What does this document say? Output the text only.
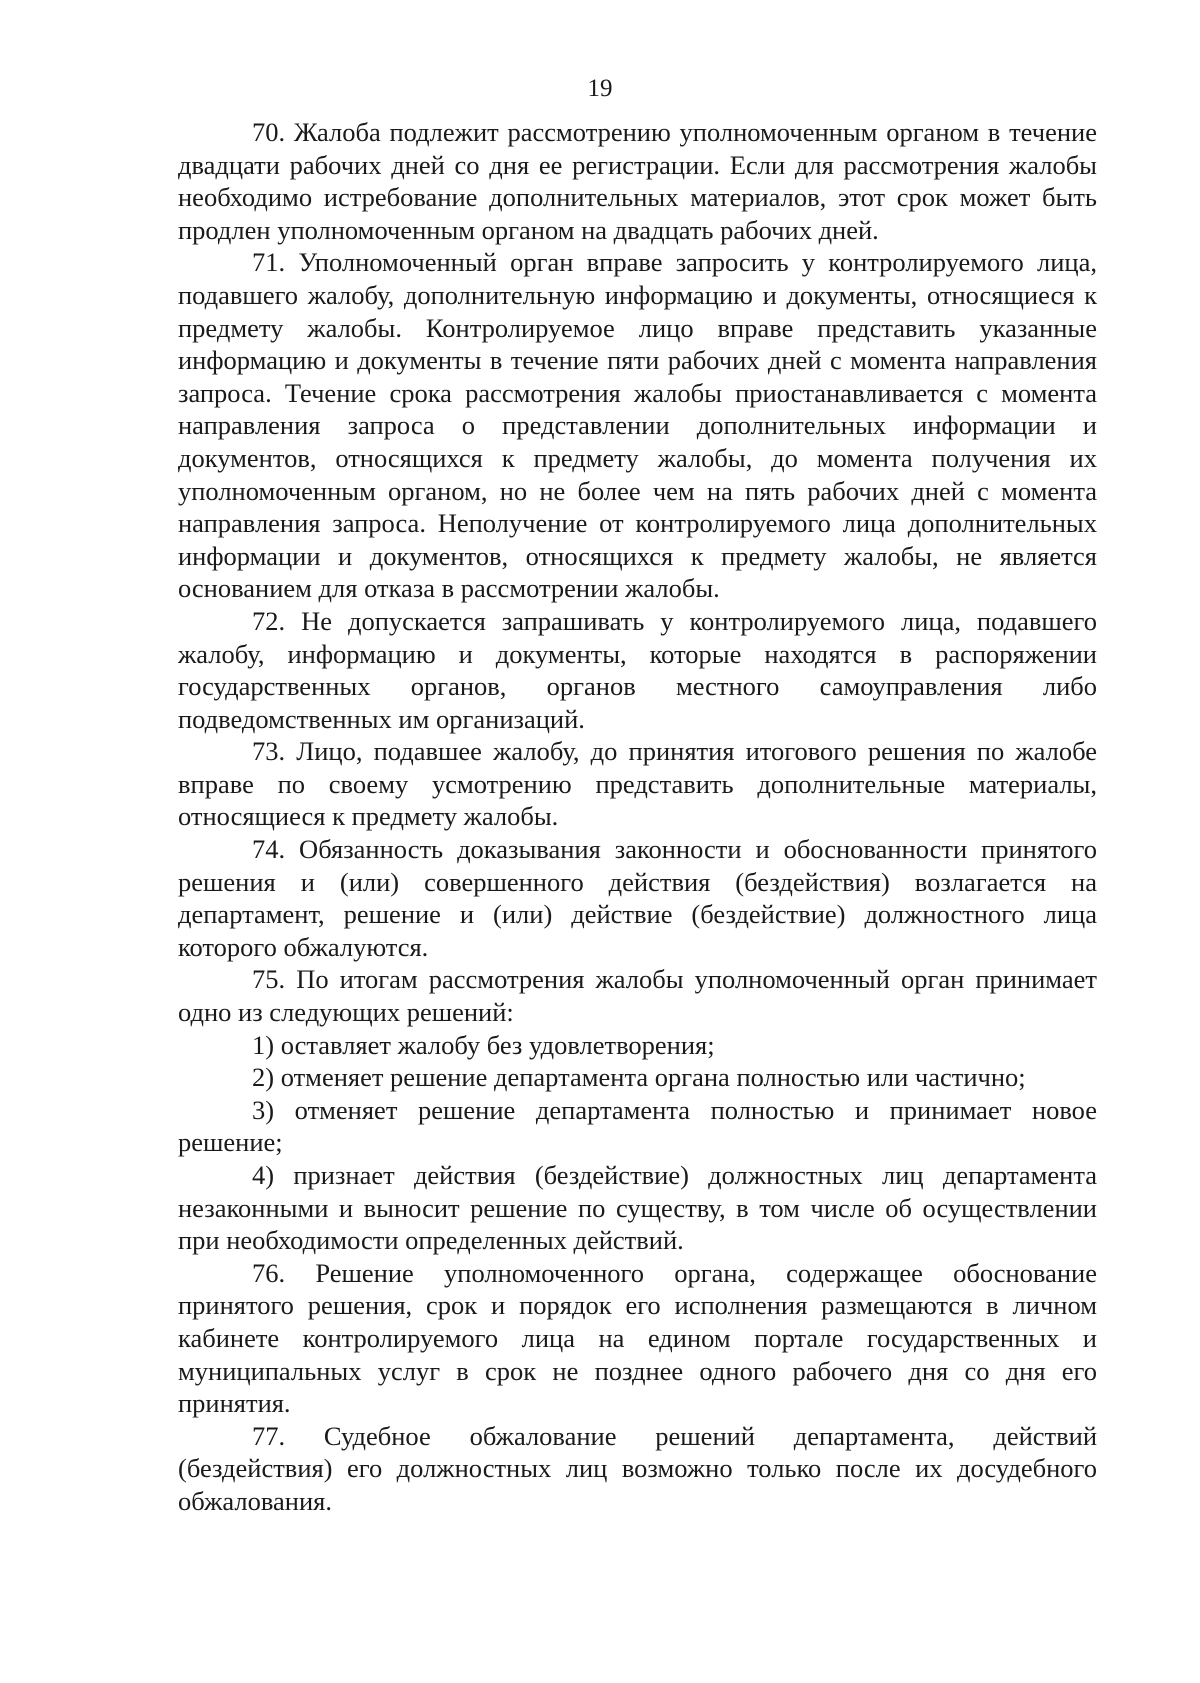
19

70. Жалоба подлежит рассмотрению уполномоченным органом в течение двадцати рабочих дней со дня ее регистрации. Если для рассмотрения жалобы необходимо истребование дополнительных материалов, этот срок может быть продлен уполномоченным органом на двадцать рабочих дней.

71. Уполномоченный орган вправе запросить у контролируемого лица, подавшего жалобу, дополнительную информацию и документы, относящиеся к предмету жалобы. Контролируемое лицо вправе представить указанные информацию и документы в течение пяти рабочих дней с момента направления запроса. Течение срока рассмотрения жалобы приостанавливается с момента направления запроса о представлении дополнительных информации и документов, относящихся к предмету жалобы, до момента получения их уполномоченным органом, но не более чем на пять рабочих дней с момента направления запроса. Неполучение от контролируемого лица дополнительных информации и документов, относящихся к предмету жалобы, не является основанием для отказа в рассмотрении жалобы.

72. Не допускается запрашивать у контролируемого лица, подавшего жалобу, информацию и документы, которые находятся в распоряжении государственных органов, органов местного самоуправления либо подведомственных им организаций.

73. Лицо, подавшее жалобу, до принятия итогового решения по жалобе вправе по своему усмотрению представить дополнительные материалы, относящиеся к предмету жалобы.

74. Обязанность доказывания законности и обоснованности принятого решения и (или) совершенного действия (бездействия) возлагается на департамент, решение и (или) действие (бездействие) должностного лица которого обжалуются.

75. По итогам рассмотрения жалобы уполномоченный орган принимает одно из следующих решений:

1) оставляет жалобу без удовлетворения;

2) отменяет решение департамента органа полностью или частично;

3) отменяет решение департамента полностью и принимает новое решение;

4) признает действия (бездействие) должностных лиц департамента незаконными и выносит решение по существу, в том числе об осуществлении при необходимости определенных действий.

76. Решение уполномоченного органа, содержащее обоснование принятого решения, срок и порядок его исполнения размещаются в личном кабинете контролируемого лица на едином портале государственных и муниципальных услуг в срок не позднее одного рабочего дня со дня его принятия.

77. Судебное обжалование решений департамента, действий (бездействия) его должностных лиц возможно только после их досудебного обжалования.
